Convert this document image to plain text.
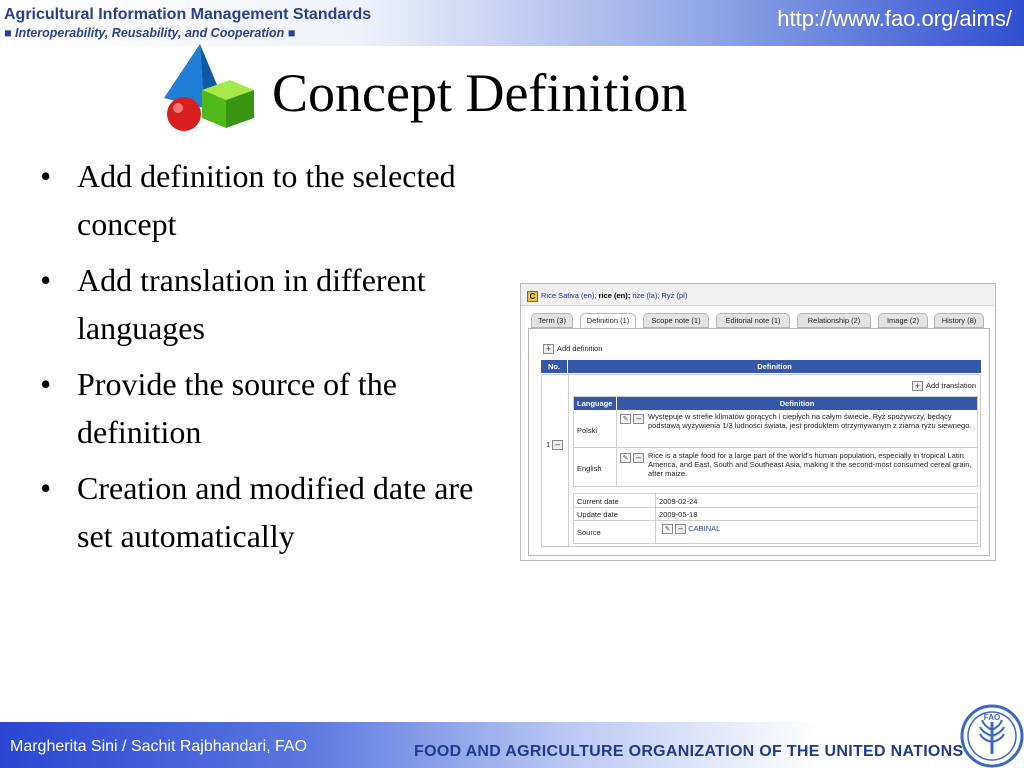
Agricultural Information Management Standards
■ Interoperability, Reusability, and Cooperation ■
http://www.fao.org/aims/
Concept Definition
• Add definition to the selected concept
• Add translation in different languages
• Provide the source of the definition
• Creation and modified date are set automatically
C Rice Sativa (en); rice (en); rize (la); Ryż (pl)
Term (3)	Definition (1)	Scope note (1)	Editorial note (1)	Relationship (2)	Image (2)	History (8)
+ Add definition
No.	Definition
1 –
+ Add translation
Language	Definition
Polski
✎ – Występuje w strefie klimatów gorących i ciepłych na całym świecie. Ryż spożywczy, będący podstawą wyżywienia 1/3 ludności świata, jest produktem otrzymywanym z ziarna ryżu siewnego.
English
✎ – Rice is a staple food for a large part of the world's human population, especially in tropical Latin America, and East, South and Southeast Asia, making it the second-most consumed cereal grain, after maize.
Current date	2009-02-24
Update date	2009-05-18
Source	✎ – CABINAL
Margherita Sini / Sachit Rajbhandari, FAO	FOOD AND AGRICULTURE ORGANIZATION OF THE UNITED NATIONS
FAO
